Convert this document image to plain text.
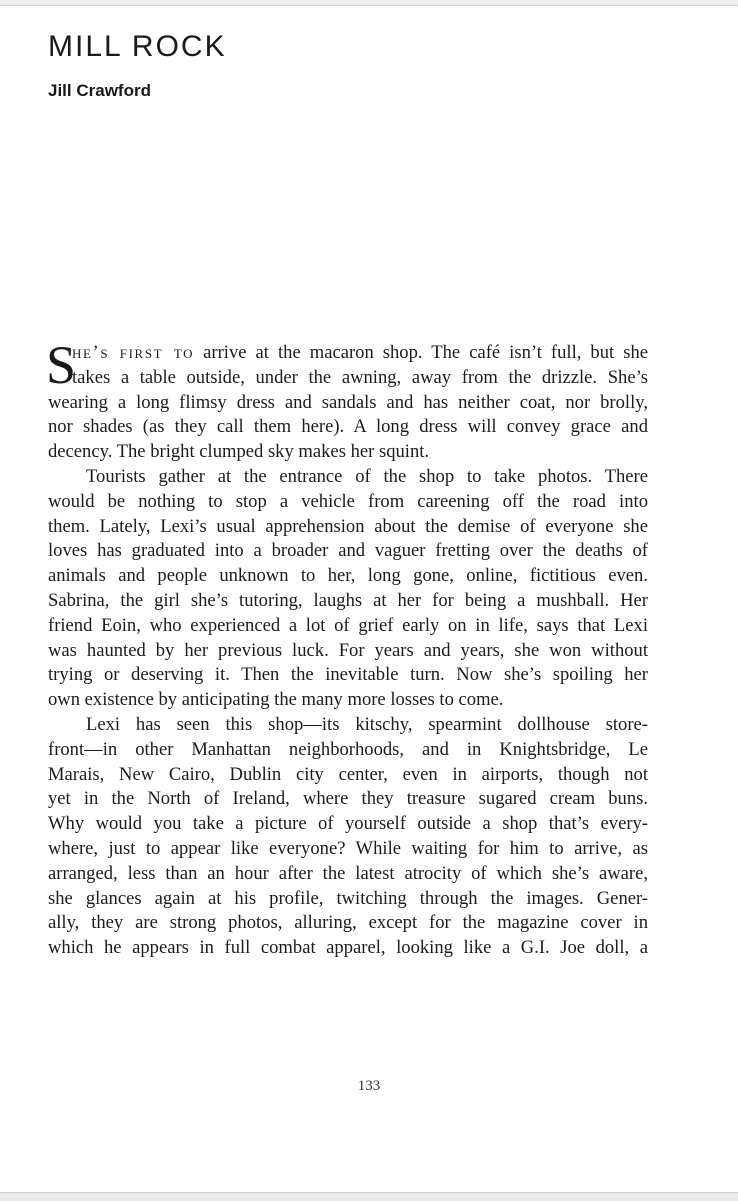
MILL ROCK
Jill Crawford
S
he’s first to arrive at the macaron shop. The café isn’t full, but she
takes a table outside, under the awning, away from the drizzle. She’s
wearing a long flimsy dress and sandals and has neither coat, nor brolly,
nor shades (as they call them here). A long dress will convey grace and
decency. The bright clumped sky makes her squint.
Tourists gather at the entrance of the shop to take photos. There
would be nothing to stop a vehicle from careening off the road into
them. Lately, Lexi’s usual apprehension about the demise of everyone she
loves has graduated into a broader and vaguer fretting over the deaths of
animals and people unknown to her, long gone, online, fictitious even.
Sabrina, the girl she’s tutoring, laughs at her for being a mushball. Her
friend Eoin, who experienced a lot of grief early on in life, says that Lexi
was haunted by her previous luck. For years and years, she won without
trying or deserving it. Then the inevitable turn. Now she’s spoiling her
own existence by anticipating the many more losses to come.
Lexi has seen this shop—its kitschy, spearmint dollhouse store-
front—in other Manhattan neighborhoods, and in Knightsbridge, Le
Marais, New Cairo, Dublin city center, even in airports, though not
yet in the North of Ireland, where they treasure sugared cream buns.
Why would you take a picture of yourself outside a shop that’s every-
where, just to appear like everyone? While waiting for him to arrive, as
arranged, less than an hour after the latest atrocity of which she’s aware,
she glances again at his profile, twitching through the images. Gener-
ally, they are strong photos, alluring, except for the magazine cover in
which he appears in full combat apparel, looking like a G.I. Joe doll, a
133
